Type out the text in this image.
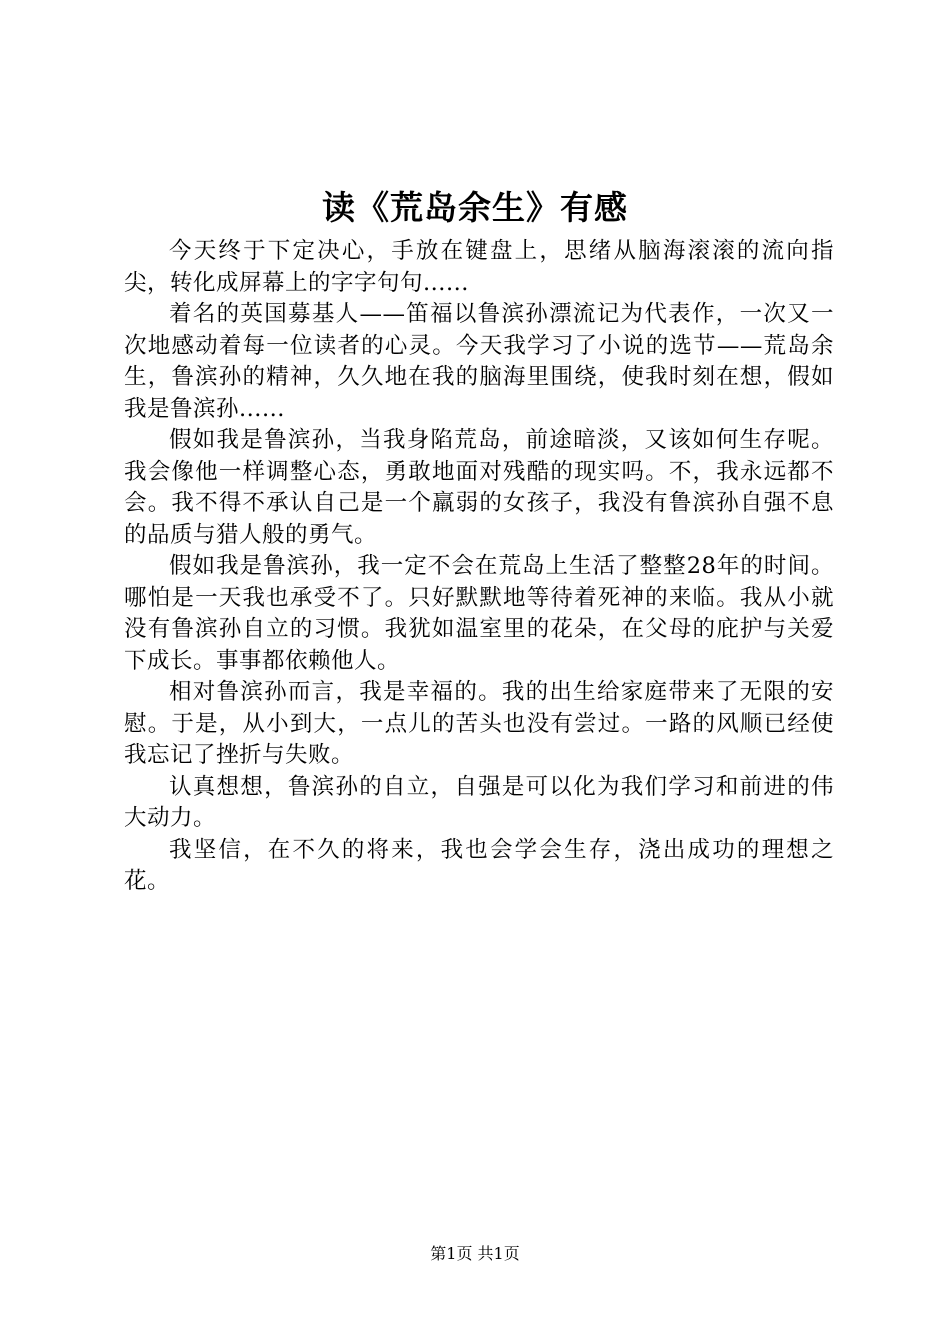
读《荒岛余生》有感

今天终于下定决心，手放在键盘上，思绪从脑海滚滚的流向指尖，转化成屏幕上的字字句句......

着名的英国募基人——笛福以鲁滨孙漂流记为代表作，一次又一次地感动着每一位读者的心灵。今天我学习了小说的选节——荒岛余生，鲁滨孙的精神，久久地在我的脑海里围绕，使我时刻在想，假如我是鲁滨孙......

假如我是鲁滨孙，当我身陷荒岛，前途暗淡，又该如何生存呢。我会像他一样调整心态，勇敢地面对残酷的现实吗。不，我永远都不会。我不得不承认自己是一个羸弱的女孩子，我没有鲁滨孙自强不息的品质与猎人般的勇气。

假如我是鲁滨孙，我一定不会在荒岛上生活了整整28年的时间。哪怕是一天我也承受不了。只好默默地等待着死神的来临。我从小就没有鲁滨孙自立的习惯。我犹如温室里的花朵，在父母的庇护与关爱下成长。事事都依赖他人。

相对鲁滨孙而言，我是幸福的。我的出生给家庭带来了无限的安慰。于是，从小到大，一点儿的苦头也没有尝过。一路的风顺已经使我忘记了挫折与失败。

认真想想，鲁滨孙的自立，自强是可以化为我们学习和前进的伟大动力。

我坚信，在不久的将来，我也会学会生存，浇出成功的理想之花。

第1页 共1页
